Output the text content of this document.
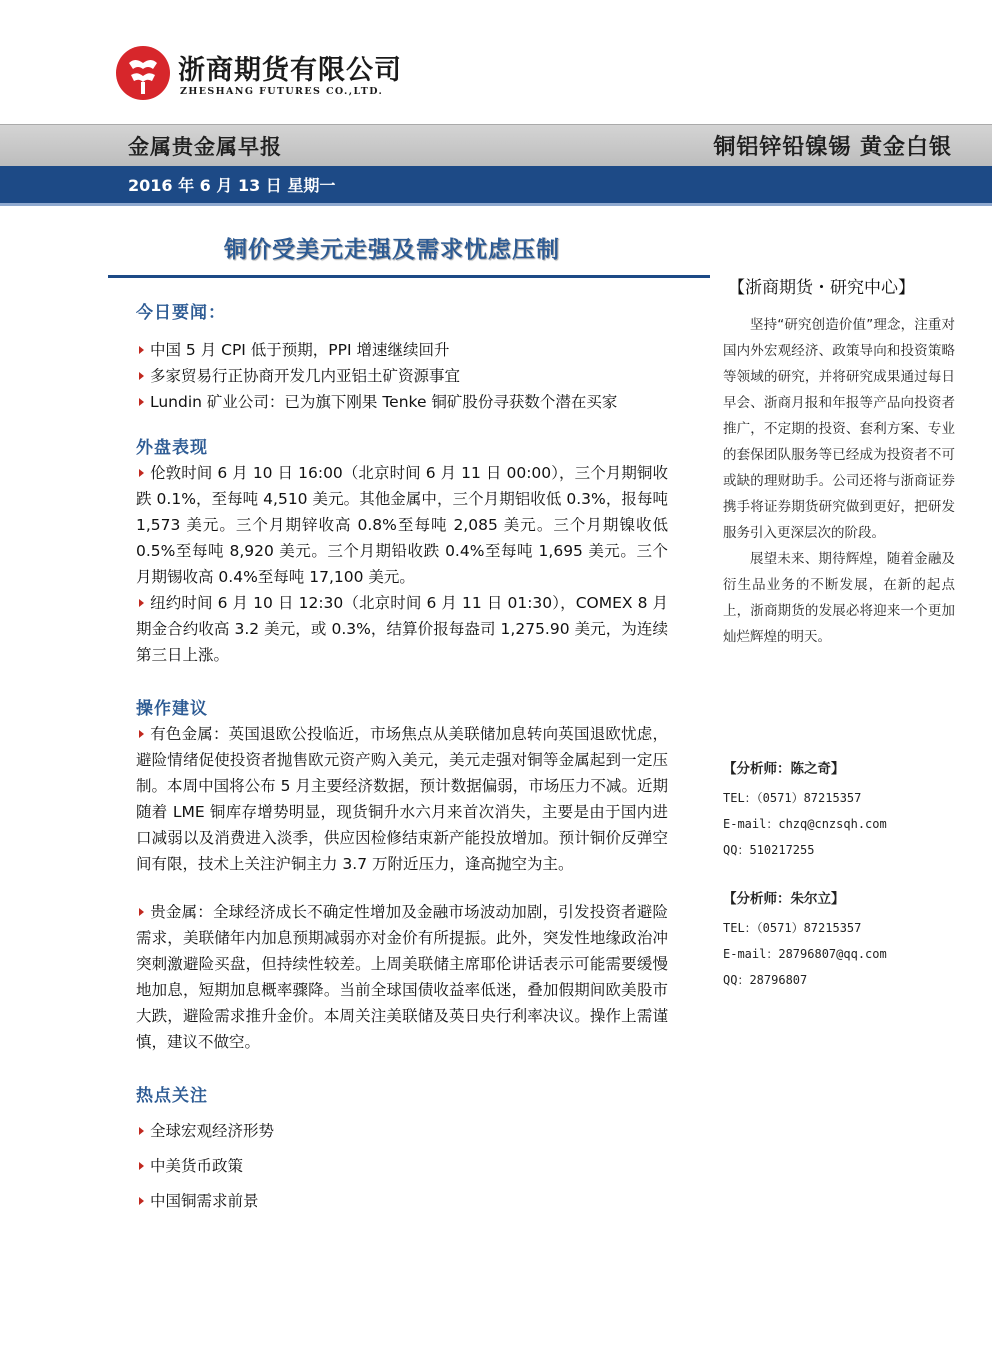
浙商期货有限公司
ZHESHANG FUTURES CO.,LTD.
金属贵金属早报	铜铝锌铅镍锡 黄金白银
2016 年 6 月 13 日 星期一
铜价受美元走强及需求忧虑压制
今日要闻：
中国 5 月 CPI 低于预期，PPI 增速继续回升
多家贸易行正协商开发几内亚铝土矿资源事宜
Lundin 矿业公司：已为旗下刚果 Tenke 铜矿股份寻获数个潜在买家
外盘表现
伦敦时间 6 月 10 日 16:00（北京时间 6 月 11 日 00:00），三个月期铜收跌 0.1%，至每吨 4,510 美元。其他金属中，三个月期铝收低 0.3%，报每吨 1,573 美元。三个月期锌收高 0.8%至每吨 2,085 美元。三个月期镍收低 0.5%至每吨 8,920 美元。三个月期铅收跌 0.4%至每吨 1,695 美元。三个月期锡收高 0.4%至每吨 17,100 美元。
纽约时间 6 月 10 日 12:30（北京时间 6 月 11 日 01:30），COMEX 8 月期金合约收高 3.2 美元，或 0.3%，结算价报每盎司 1,275.90 美元，为连续第三日上涨。
操作建议
有色金属：英国退欧公投临近，市场焦点从美联储加息转向英国退欧忧虑，避险情绪促使投资者抛售欧元资产购入美元，美元走强对铜等金属起到一定压制。本周中国将公布 5 月主要经济数据，预计数据偏弱，市场压力不减。近期随着 LME 铜库存增势明显，现货铜升水六月来首次消失，主要是由于国内进口减弱以及消费进入淡季，供应因检修结束新产能投放增加。预计铜价反弹空间有限，技术上关注沪铜主力 3.7 万附近压力，逢高抛空为主。
贵金属：全球经济成长不确定性增加及金融市场波动加剧，引发投资者避险需求，美联储年内加息预期减弱亦对金价有所提振。此外，突发性地缘政治冲突刺激避险买盘，但持续性较差。上周美联储主席耶伦讲话表示可能需要缓慢地加息，短期加息概率骤降。当前全球国债收益率低迷，叠加假期间欧美股市大跌，避险需求推升金价。本周关注美联储及英日央行利率决议。操作上需谨慎，建议不做空。
热点关注
全球宏观经济形势
中美货币政策
中国铜需求前景
【浙商期货・研究中心】

坚持“研究创造价值”理念，注重对国内外宏观经济、政策导向和投资策略等领域的研究，并将研究成果通过每日早会、浙商月报和年报等产品向投资者推广，不定期的投资、套利方案、专业的套保团队服务等已经成为投资者不可或缺的理财助手。公司还将与浙商证券携手将证券期货研究做到更好，把研发服务引入更深层次的阶段。

展望未来、期待辉煌，随着金融及衍生品业务的不断发展，在新的起点上，浙商期货的发展必将迎来一个更加灿烂辉煌的明天。

【分析师：陈之奇】
TEL：（0571）87215357
E-mail：chzq@cnzsqh.com
QQ：510217255
【分析师：朱尔立】
TEL：（0571）87215357
E-mail：28796807@qq.com
QQ：28796807
